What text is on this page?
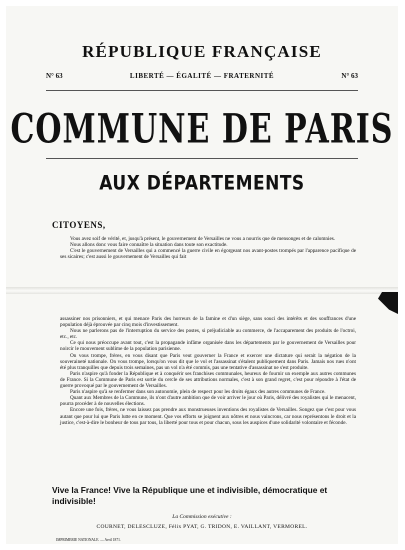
RÉPUBLIQUE FRANÇAISE
N° 63	LIBERTÉ — ÉGALITÉ — FRATERNITÉ	N° 63
COMMUNE DE PARIS
AUX DÉPARTEMENTS
CITOYENS,

Vous avez soif de vérité, et, jusqu'à présent, le gouvernement de Versailles ne vous a nourris que de mensonges et de calomnies.

Nous allons donc vous faire connaître la situation dans toute son exactitude.

C'est le gouvernement de Versailles qui a commencé la guerre civile en égorgeant nos avant-postes trompés par l'apparence pacifique de ses sicaires; c'est aussi le gouvernement de Versailles qui fait

assassiner nos prisonniers, et qui menace Paris des horreurs de la famine et d'un siège, sans souci des intérêts et des souffrances d'une population déjà éprouvée par cinq mois d'investissement.

Nous ne parlerons pas de l'interruption du service des postes, si préjudiciable au commerce, de l'accaparement des produits de l'octroi, etc., etc.

Ce qui nous préoccupe avant tout, c'est la propagande infâme organisée dans les départements par le gouvernement de Versailles pour noircir le mouvement sublime de la population parisienne.

On vous trompe, frères, en vous disant que Paris veut gouverner la France et exercer une dictature qui serait la négation de la souveraineté nationale. On vous trompe, lorsqu'on vous dit que le vol et l'assassinat s'étalent publiquement dans Paris. Jamais nos rues n'ont été plus tranquilles que depuis trois semaines, pas un vol n'a été commis, pas une tentative d'assassinat ne s'est produite.

Paris n'aspire qu'à fonder la République et à conquérir ses franchises communales, heureux de fournir un exemple aux autres communes de France. Si la Commune de Paris est sortie du cercle de ses attributions normales, c'est à son grand regret, c'est pour répondre à l'état de guerre provoqué par le gouvernement de Versailles.

Paris n'aspire qu'à se renfermer dans son autonomie, plein de respect pour les droits égaux des autres communes de France.

Quant aux Membres de la Commune, ils n'ont d'autre ambition que de voir arriver le jour où Paris, délivré des royalistes qui le menacent, pourra procéder à de nouvelles élections.

Encore une fois, frères, ne vous laissez pas prendre aux monstrueuses inventions des royalistes de Versailles. Songez que c'est pour vous autant que pour lui que Paris lutte en ce moment. Que vos efforts se joignent aux nôtres et nous vaincrons, car nous représentons le droit et la justice, c'est-à-dire le bonheur de tous par tous, la liberté pour tous et pour chacun, sous les auspices d'une solidarité volontaire et féconde.

Vive la France! Vive la République une et indivisible, démocratique et indivisible!
La Commission exécutive :
COURNET, DELESCLUZE, Félix PYAT, G. TRIDON, E. VAILLANT, VERMOREL.
IMPRIMERIE NATIONALE. — Avril 1871.
